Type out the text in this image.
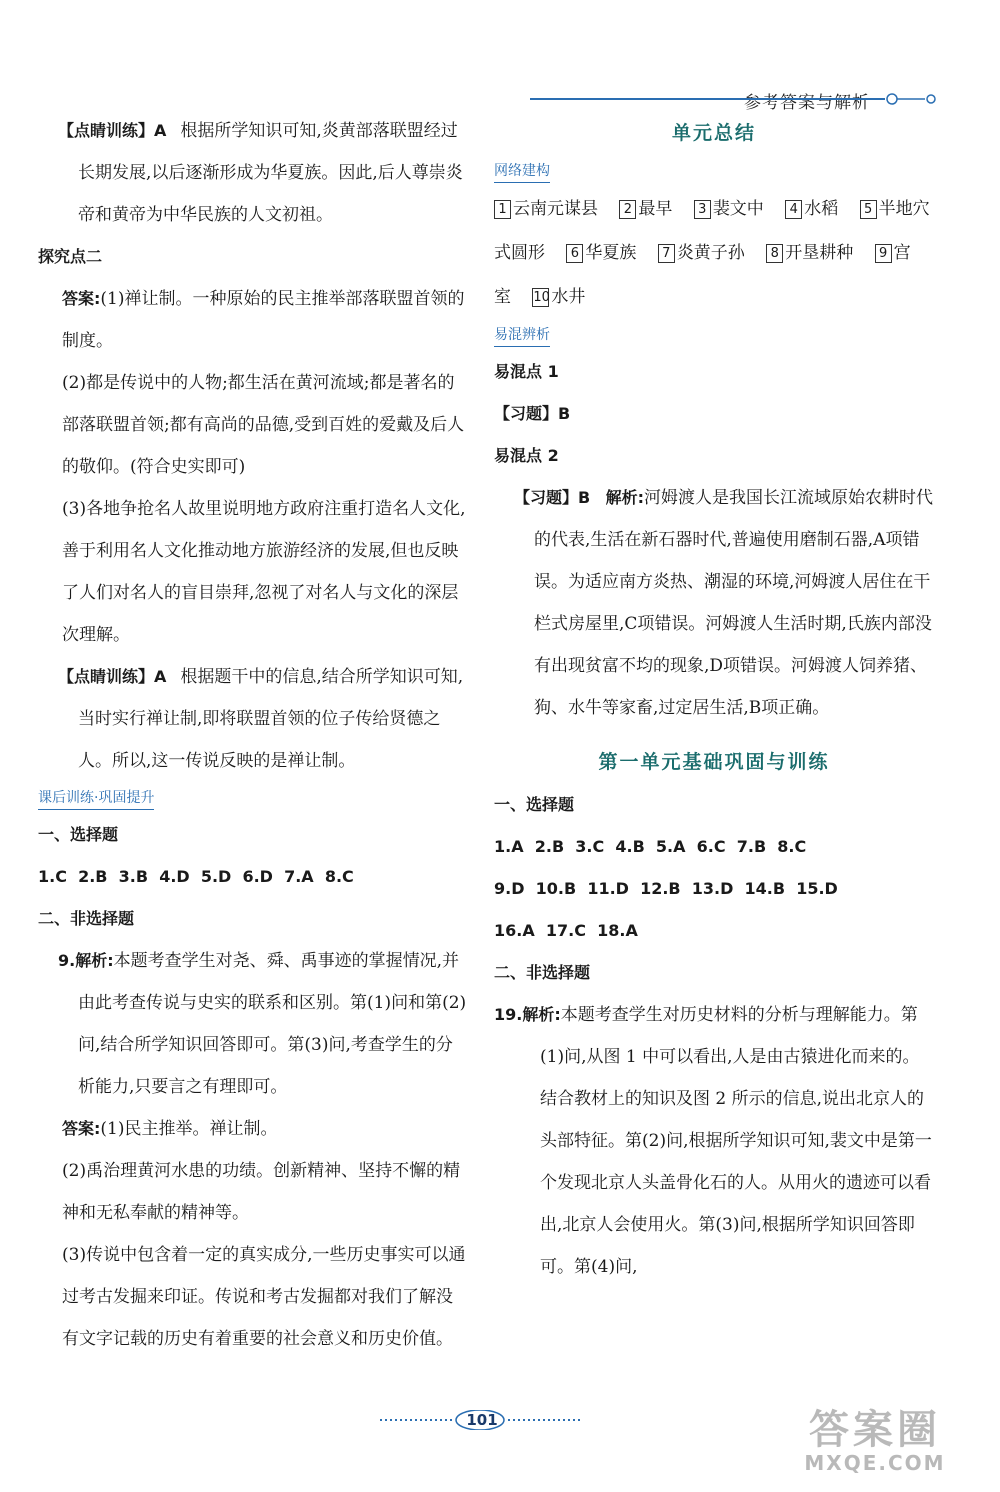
参考答案与解析

【点睛训练】A 根据所学知识可知,炎黄部落联盟经过长期发展,以后逐渐形成为华夏族。因此,后人尊崇炎帝和黄帝为中华民族的人文初祖。

探究点二

答案:(1)禅让制。一种原始的民主推举部落联盟首领的制度。

(2)都是传说中的人物;都生活在黄河流域;都是著名的部落联盟首领;都有高尚的品德,受到百姓的爱戴及后人的敬仰。(符合史实即可)

(3)各地争抢名人故里说明地方政府注重打造名人文化,善于利用名人文化推动地方旅游经济的发展,但也反映了人们对名人的盲目崇拜,忽视了对名人与文化的深层次理解。

【点睛训练】A 根据题干中的信息,结合所学知识可知,当时实行禅让制,即将联盟首领的位子传给贤德之人。所以,这一传说反映的是禅让制。

课后训练·巩固提升

一、选择题

1.C  2.B  3.B  4.D  5.D  6.D  7.A  8.C

二、非选择题

9.解析:本题考查学生对尧、舜、禹事迹的掌握情况,并由此考查传说与史实的联系和区别。第(1)问和第(2)问,结合所学知识回答即可。第(3)问,考查学生的分析能力,只要言之有理即可。

答案:(1)民主推举。禅让制。

(2)禹治理黄河水患的功绩。创新精神、坚持不懈的精神和无私奉献的精神等。

(3)传说中包含着一定的真实成分,一些历史事实可以通过考古发掘来印证。传说和考古发掘都对我们了解没有文字记载的历史有着重要的社会意义和历史价值。

单元总结
网络建构
1 云南元谋县 2 最早 3 裴文中 4 水稻 5 半地穴式圆形 6 华夏族 7 炎黄子孙 8 开垦耕种 9 宫室 10水井
易混辨析

易混点 1

【习题】B

易混点 2

【习题】B 解析:河姆渡人是我国长江流域原始农耕时代的代表,生活在新石器时代,普遍使用磨制石器,A项错误。为适应南方炎热、潮湿的环境,河姆渡人居住在干栏式房屋里,C项错误。河姆渡人生活时期,氏族内部没有出现贫富不均的现象,D项错误。河姆渡人饲养猪、狗、水牛等家畜,过定居生活,B项正确。

第一单元基础巩固与训练

一、选择题

1.A  2.B  3.C  4.B  5.A  6.C  7.B  8.C

9.D  10.B  11.D  12.B  13.D  14.B  15.D

16.A  17.C  18.A

二、非选择题

19.解析:本题考查学生对历史材料的分析与理解能力。第(1)问,从图 1 中可以看出,人是由古猿进化而来的。结合教材上的知识及图 2 所示的信息,说出北京人的头部特征。第(2)问,根据所学知识可知,裴文中是第一个发现北京人头盖骨化石的人。从用火的遗迹可以看出,北京人会使用火。第(3)问,根据所学知识回答即可。第(4)问,

101	答案圈
MXQE.COM
